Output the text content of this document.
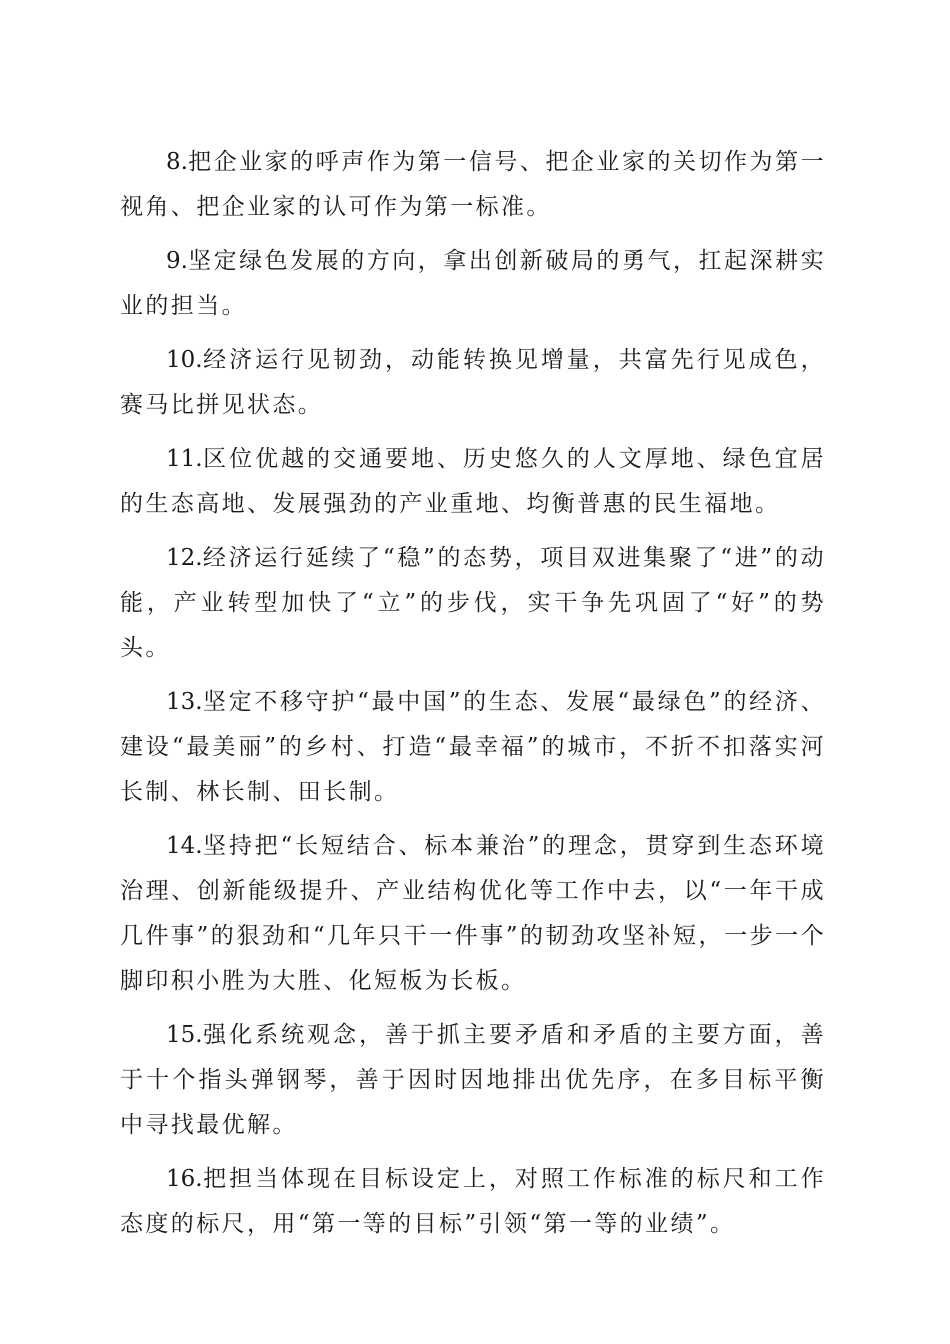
8.把企业家的呼声作为第一信号、把企业家的关切作为第一视角、把企业家的认可作为第一标准。

9.坚定绿色发展的方向，拿出创新破局的勇气，扛起深耕实业的担当。

10.经济运行见韧劲，动能转换见增量，共富先行见成色，赛马比拼见状态。

11.区位优越的交通要地、历史悠久的人文厚地、绿色宜居的生态高地、发展强劲的产业重地、均衡普惠的民生福地。

12.经济运行延续了“稳”的态势，项目双进集聚了“进”的动能，产业转型加快了“立”的步伐，实干争先巩固了“好”的势头。

13.坚定不移守护“最中国”的生态、发展“最绿色”的经济、建设“最美丽”的乡村、打造“最幸福”的城市，不折不扣落实河长制、林长制、田长制。

14.坚持把“长短结合、标本兼治”的理念，贯穿到生态环境治理、创新能级提升、产业结构优化等工作中去，以“一年干成几件事”的狠劲和“几年只干一件事”的韧劲攻坚补短，一步一个脚印积小胜为大胜、化短板为长板。

15.强化系统观念，善于抓主要矛盾和矛盾的主要方面，善于十个指头弹钢琴，善于因时因地排出优先序，在多目标平衡中寻找最优解。

16.把担当体现在目标设定上，对照工作标准的标尺和工作态度的标尺，用“第一等的目标”引领“第一等的业绩”。
